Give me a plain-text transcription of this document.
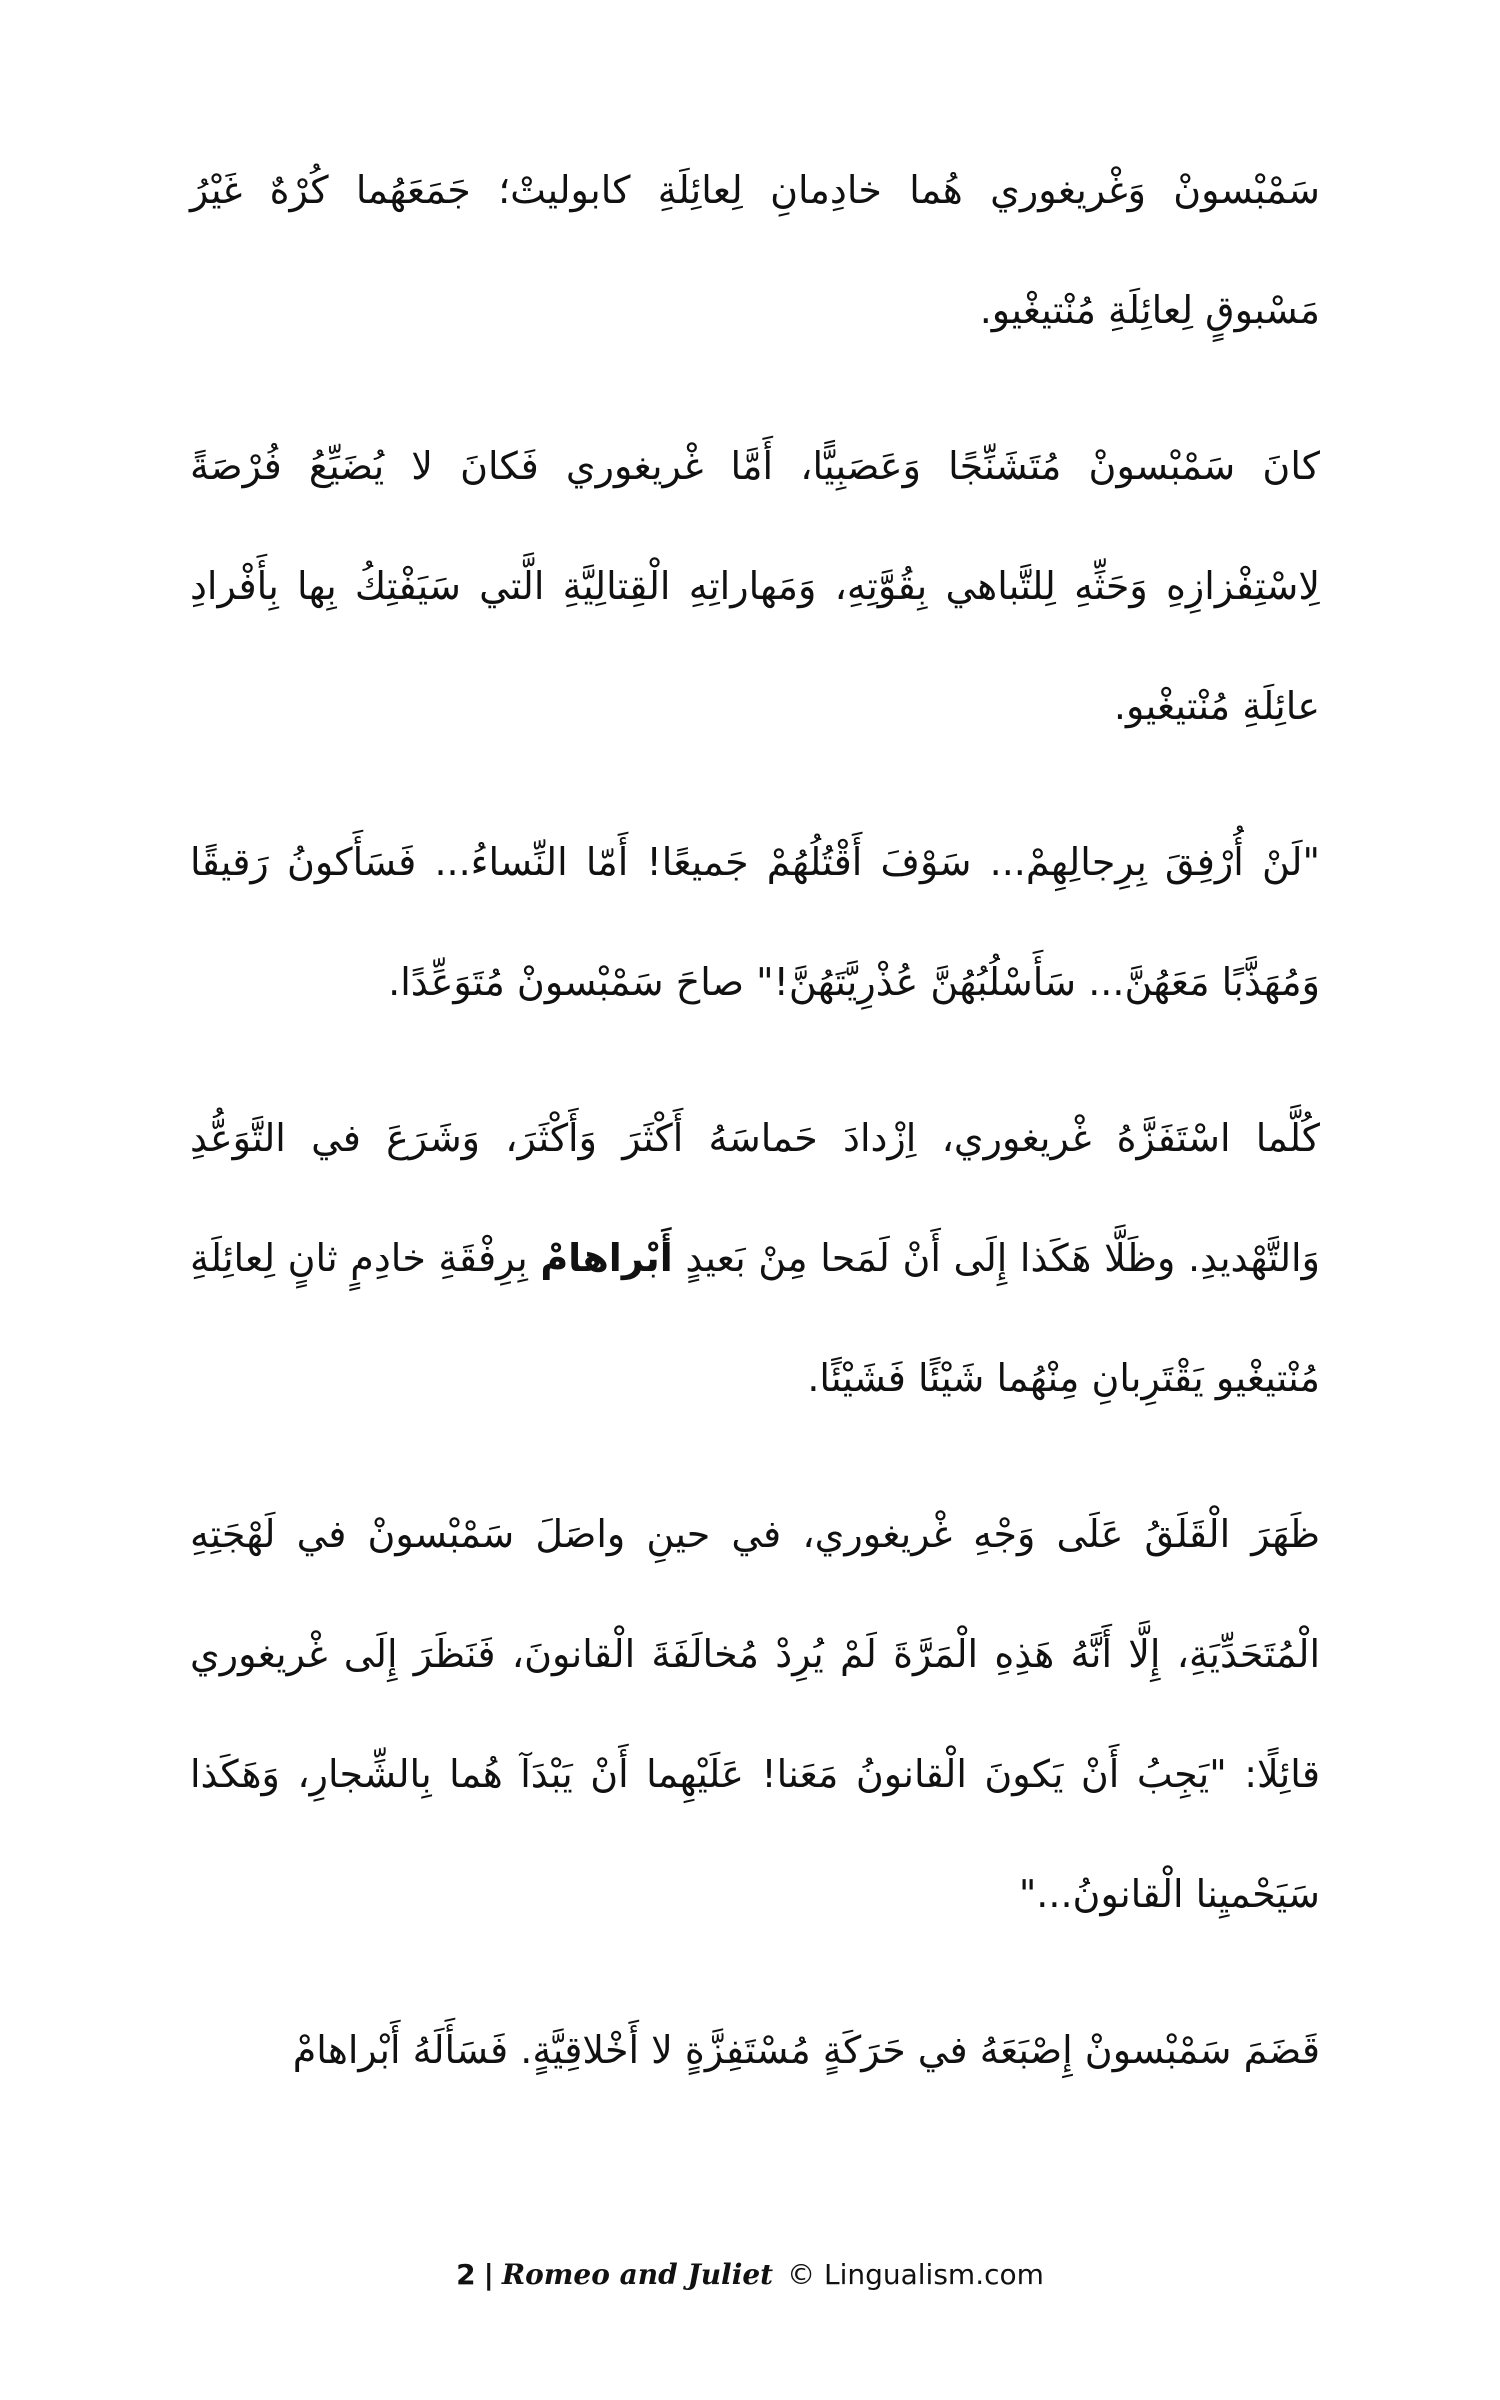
سَمْبْسونْ وَغْريغوري هُما خادِمانِ لِعائِلَةِ كابوليتْ؛ جَمَعَهُما كُرْهٌ غَيْرُ مَسْبوقٍ لِعائِلَةِ مُنْتيغْيو.

كانَ سَمْبْسونْ مُتَشَنِّجًا وَعَصَبِيًّا، أَمَّا غْريغوري فَكانَ لا يُضَيِّعُ فُرْصَةً لِاسْتِفْزازِهِ وَحَثِّهِ لِلتَّباهي بِقُوَّتِهِ، وَمَهاراتِهِ الْقِتالِيَّةِ الَّتي سَيَفْتِكُ بِها بِأَفْرادِ عائِلَةِ مُنْتيغْيو.

"لَنْ أُرْفِقَ بِرِجالِهِمْ... سَوْفَ أَقْتُلُهُمْ جَميعًا! أَمّا النِّساءُ... فَسَأَكونُ رَقيقًا وَمُهَذَّبًا مَعَهُنَّ... سَأَسْلُبُهُنَّ عُذْرِيَّتَهُنَّ!" صاحَ سَمْبْسونْ مُتَوَعِّدًا.

كُلَّما اسْتَفَزَّهُ غْريغوري، اِزْدادَ حَماسَهُ أَكْثَرَ وَأَكْثَرَ، وَشَرَعَ في التَّوَعُّدِ وَالتَّهْديدِ. وظَلَّا هَكَذا إِلَى أَنْ لَمَحا مِنْ بَعيدٍ أَبْراهامْ بِرِفْقَةِ خادِمٍ ثانٍ لِعائِلَةِ مُنْتيغْيو يَقْتَرِبانِ مِنْهُما شَيْئًا فَشَيْئًا.

ظَهَرَ الْقَلَقُ عَلَى وَجْهِ غْريغوري، في حينِ واصَلَ سَمْبْسونْ في لَهْجَتِهِ الْمُتَحَدِّيَةِ، إِلَّا أَنَّهُ هَذِهِ الْمَرَّةَ لَمْ يُرِدْ مُخالَفَةَ الْقانونَ، فَنَظَرَ إِلَى غْريغوري قائِلًا: "يَجِبُ أَنْ يَكونَ الْقانونُ مَعَنا! عَلَيْهِما أَنْ يَبْدَآ هُما بِالشِّجارِ، وَهَكَذا سَيَحْميِنا الْقانونُ..."

قَضَمَ سَمْبْسونْ إِصْبَعَهُ في حَرَكَةٍ مُسْتَفِزَّةٍ لا أَخْلاقِيَّةٍ. فَسَأَلَهُ أَبْراهامْ

2 | Romeo and Juliet © Lingualism.com
